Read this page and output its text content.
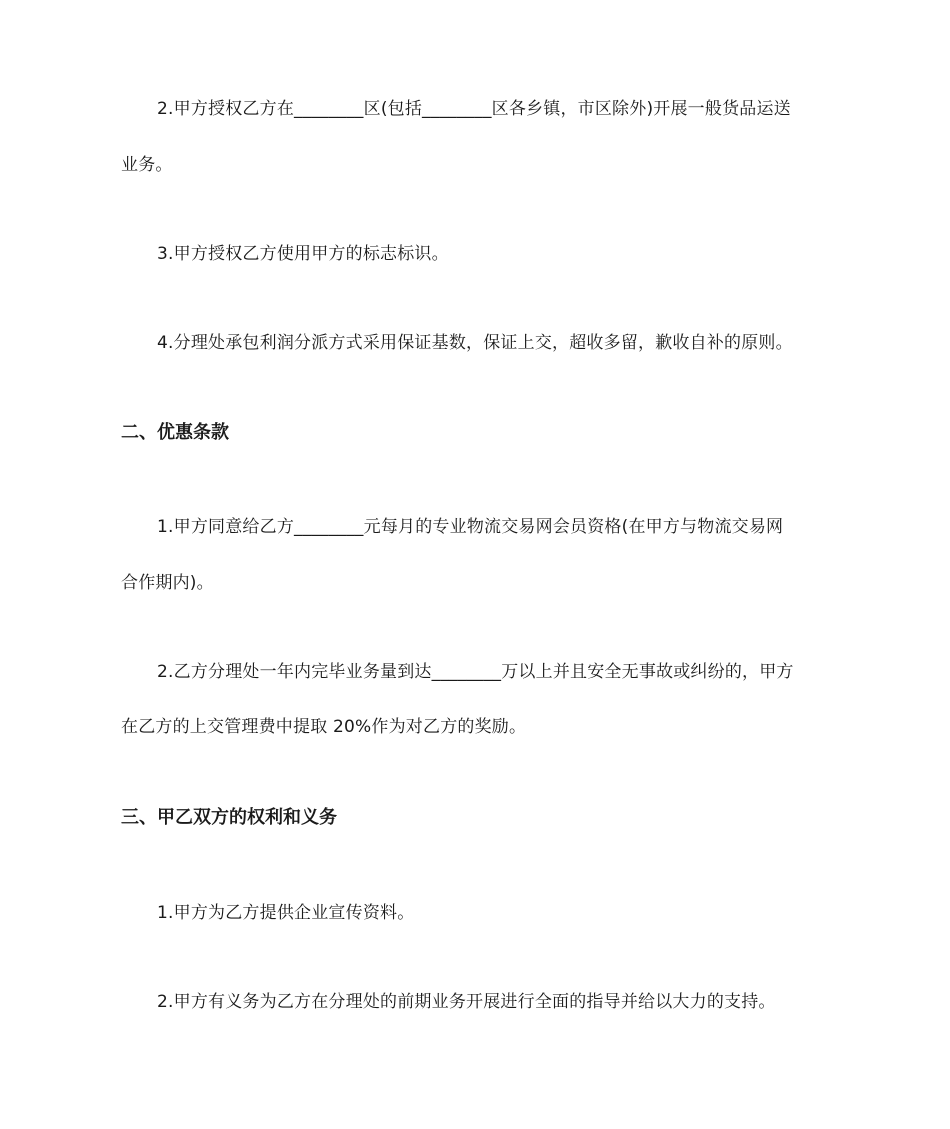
2.甲方授权乙方在________区(包括________区各乡镇，市区除外)开展一般货品运送
业务。
3.甲方授权乙方使用甲方的标志标识。
4.分理处承包利润分派方式采用保证基数，保证上交，超收多留，歉收自补的原则。
二、优惠条款
1.甲方同意给乙方________元每月的专业物流交易网会员资格(在甲方与物流交易网
合作期内)。
2.乙方分理处一年内完毕业务量到达________万以上并且安全无事故或纠纷的，甲方
在乙方的上交管理费中提取 20%作为对乙方的奖励。
三、甲乙双方的权利和义务
1.甲方为乙方提供企业宣传资料。
2.甲方有义务为乙方在分理处的前期业务开展进行全面的指导并给以大力的支持。
